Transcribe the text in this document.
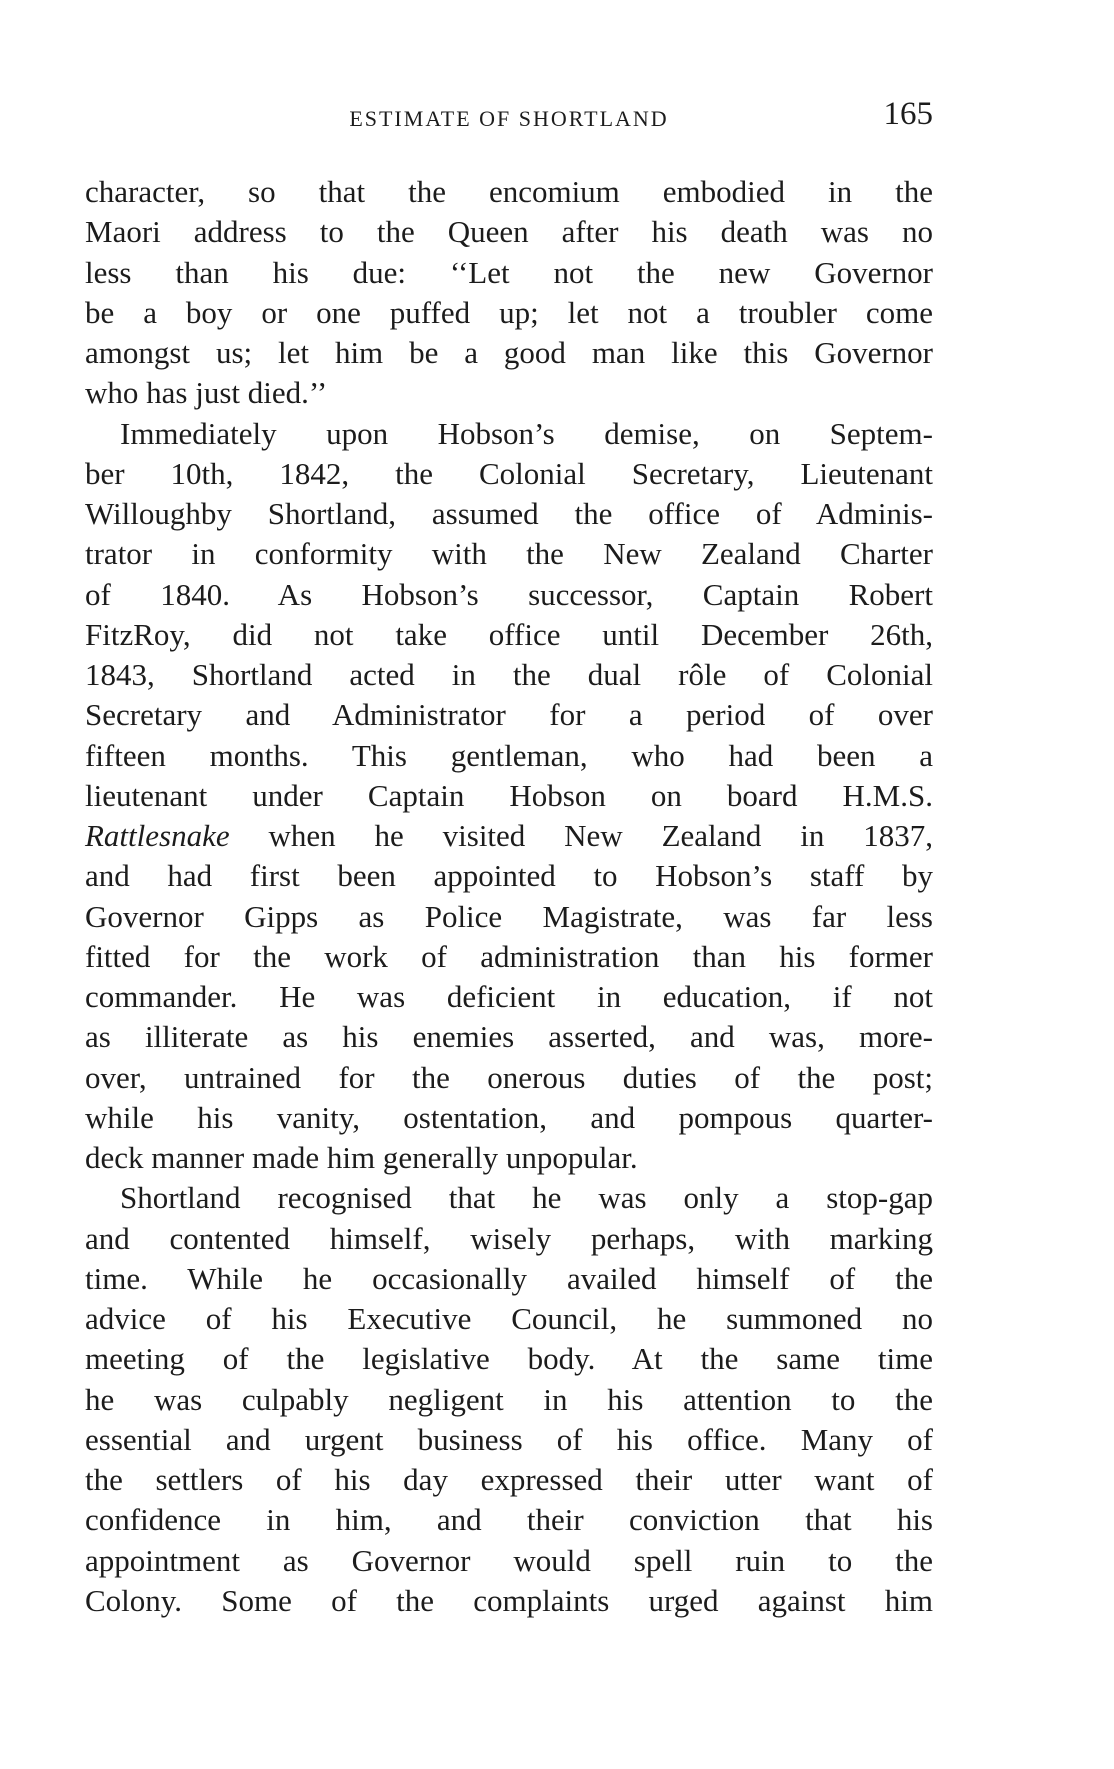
ESTIMATE OF SHORTLAND	165
character, so that the encomium embodied in the
Maori address to the Queen after his death was no
less than his due: ‘‘Let not the new Governor
be a boy or one puffed up; let not a troubler come
amongst us; let him be a good man like this Governor
who has just died.’’
Immediately upon Hobson’s demise, on Septem-
ber 10th, 1842, the Colonial Secretary, Lieutenant
Willoughby Shortland, assumed the office of Adminis-
trator in conformity with the New Zealand Charter
of 1840. As Hobson’s successor, Captain Robert
FitzRoy, did not take office until December 26th,
1843, Shortland acted in the dual rôle of Colonial
Secretary and Administrator for a period of over
fifteen months. This gentleman, who had been a
lieutenant under Captain Hobson on board H.M.S.
Rattlesnake when he visited New Zealand in 1837,
and had first been appointed to Hobson’s staff by
Governor Gipps as Police Magistrate, was far less
fitted for the work of administration than his former
commander. He was deficient in education, if not
as illiterate as his enemies asserted, and was, more-
over, untrained for the onerous duties of the post;
while his vanity, ostentation, and pompous quarter-
deck manner made him generally unpopular.
Shortland recognised that he was only a stop-gap
and contented himself, wisely perhaps, with marking
time. While he occasionally availed himself of the
advice of his Executive Council, he summoned no
meeting of the legislative body. At the same time
he was culpably negligent in his attention to the
essential and urgent business of his office. Many of
the settlers of his day expressed their utter want of
confidence in him, and their conviction that his
appointment as Governor would spell ruin to the
Colony. Some of the complaints urged against him
